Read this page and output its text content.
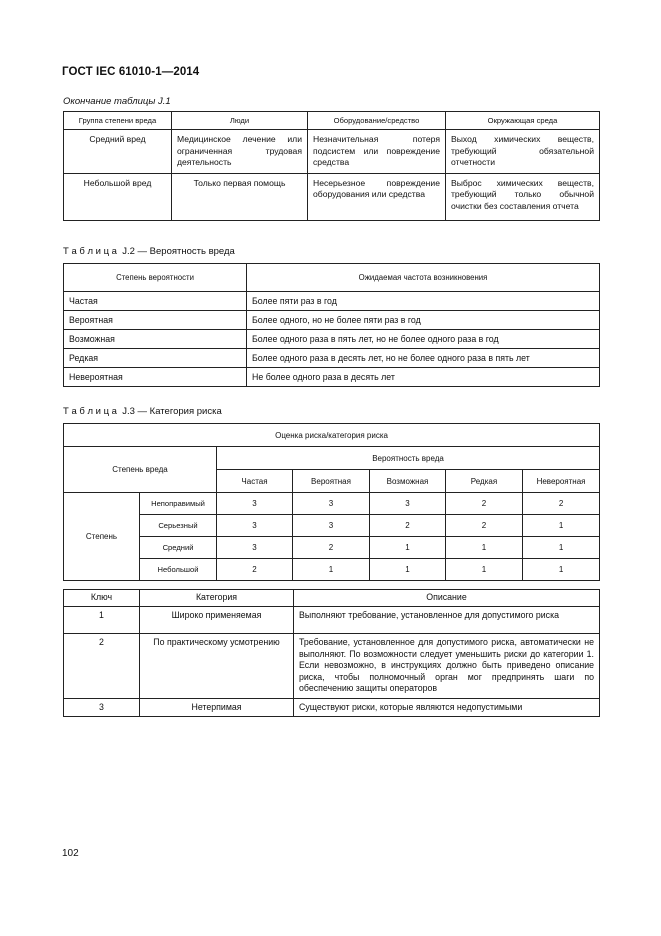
ГОСТ IEC 61010-1—2014
Окончание таблицы J.1
Группа степени вреда	Люди	Оборудование/средство	Окружающая среда
Средний вред	Медицинское лечение или ограниченная трудовая деятельность	Незначительная потеря подсистем или повреждение средства	Выход химических веществ, требующий обязательной отчетности
Небольшой вред	Только первая помощь	Несерьезное повреждение оборудования или средства	Выброс химических веществ, требующий только обычной очистки без составления отчета
Т а б л и ц а J.2 — Вероятность вреда
Степень вероятности	Ожидаемая частота возникновения
Частая	Более пяти раз в год
Вероятная	Более одного, но не более пяти раз в год
Возможная	Более одного раза в пять лет, но не более одного раза в год
Редкая	Более одного раза в десять лет, но не более одного раза в пять лет
Невероятная	Не более одного раза в десять лет
Т а б л и ц а J.3 — Категория риска
Оценка риска/категория риска						
Степень вреда		Вероятность вреда				
		Частая	Вероятная	Возможная	Редкая	Невероятная
Степень	Непоправимый	3	3	3	2	2
	Серьезный	3	3	2	2	1
	Средний	3	2	1	1	1
	Небольшой	2	1	1	1	1
Ключ	Категория	Описание
1	Широко применяемая	Выполняют требование, установленное для допустимого риска
2	По практическому усмотрению	Требование, установленное для допустимого риска, автоматически не выполняют. По возможности следует уменьшить риски до категории 1. Если невозможно, в инструкциях должно быть приведено описание риска, чтобы полномочный орган мог предпринять шаги по обеспечению защиты операторов
3	Нетерпимая	Существуют риски, которые являются недопустимыми
102
